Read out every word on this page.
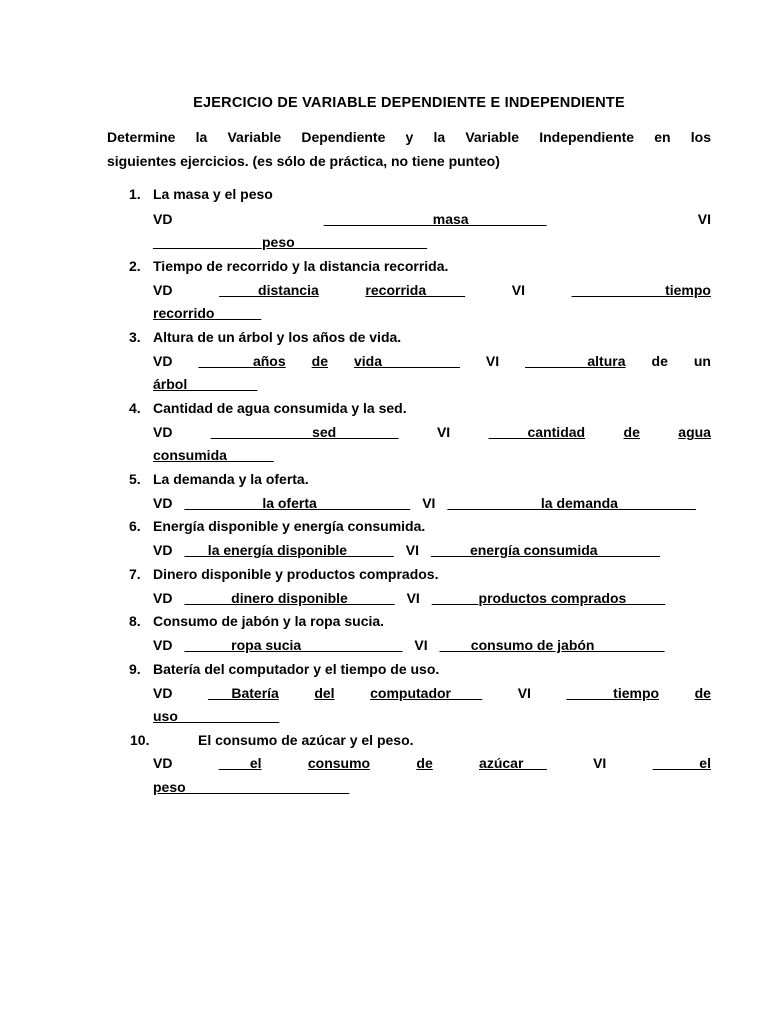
EJERCICIO DE VARIABLE DEPENDIENTE E INDEPENDIENTE
Determine la Variable Dependiente y la Variable Independiente en los
siguientes ejercicios. (es sólo de práctica, no tiene punteo)
1. La masa y el peso
VD	______________masa__________	VI
______________peso_________________
2. Tiempo de recorrido y la distancia recorrida.
VD	_____distancia	recorrida_____	VI	____________tiempo
recorrido______
3. Altura de un árbol y los años de vida.
VD _______años de vida__________ VI ________altura de un
árbol_________
4. Cantidad de agua consumida y la sed.
VD	_____________sed________	VI	_____cantidad	de	agua
consumida______
5. La demanda y la oferta.
VD __________la oferta____________ VI ____________la demanda__________
6. Energía disponible y energía consumida.
VD ___la energía disponible______ VI _____energía consumida________
7. Dinero disponible y productos comprados.
VD ______dinero disponible______ VI ______productos comprados_____
8. Consumo de jabón y la ropa sucia.
VD ______ropa sucia_____________ VI ____consumo de jabón_________
9. Batería del computador y el tiempo de uso.
VD	___Batería	del	computador____	VI	______tiempo	de
uso_____________
10.	El consumo de azúcar y el peso.
VD	____el	consumo	de	azúcar___	VI	______el
peso_____________________
